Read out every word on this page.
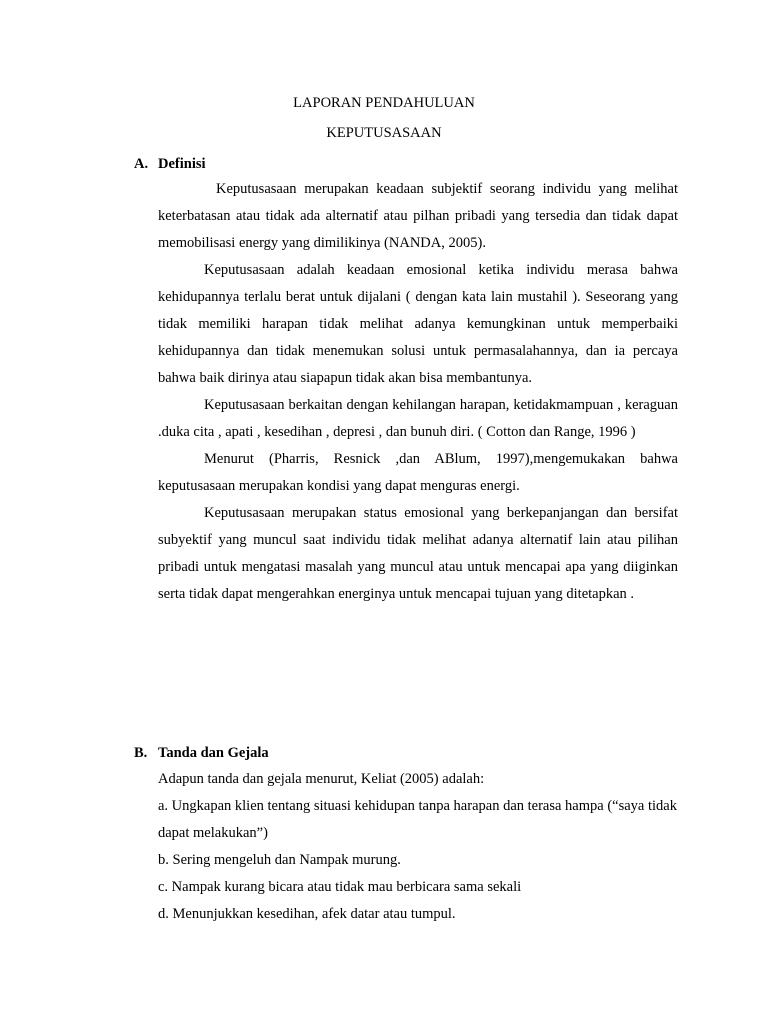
LAPORAN PENDAHULUAN
KEPUTUSASAAN
A. Definisi

Keputusasaan merupakan keadaan subjektif seorang individu yang melihat keterbatasan atau tidak ada alternatif atau pilhan pribadi yang tersedia dan tidak dapat memobilisasi energy yang dimilikinya (NANDA, 2005).

Keputusasaan adalah keadaan emosional ketika individu merasa bahwa kehidupannya terlalu berat untuk dijalani ( dengan kata lain mustahil ). Seseorang yang tidak memiliki harapan tidak melihat adanya kemungkinan untuk memperbaiki kehidupannya dan tidak menemukan solusi untuk permasalahannya, dan ia percaya bahwa baik dirinya atau siapapun tidak akan bisa membantunya.

Keputusasaan berkaitan dengan kehilangan harapan, ketidakmampuan , keraguan .duka cita , apati , kesedihan , depresi , dan bunuh diri. ( Cotton dan Range, 1996 )

Menurut (Pharris, Resnick ,dan ABlum, 1997),mengemukakan bahwa keputusasaan merupakan kondisi yang dapat menguras energi.

Keputusasaan merupakan status emosional yang berkepanjangan dan bersifat subyektif yang muncul saat individu tidak melihat adanya alternatif lain atau pilihan pribadi untuk mengatasi masalah yang muncul atau untuk mencapai apa yang diiginkan serta tidak dapat mengerahkan energinya untuk mencapai tujuan yang ditetapkan .

B. Tanda dan Gejala

Adapun tanda dan gejala menurut, Keliat (2005) adalah:

a. Ungkapan klien tentang situasi kehidupan tanpa harapan dan terasa hampa (“saya tidak dapat melakukan”)

b. Sering mengeluh dan Nampak murung.

c. Nampak kurang bicara atau tidak mau berbicara sama sekali

d. Menunjukkan kesedihan, afek datar atau tumpul.
